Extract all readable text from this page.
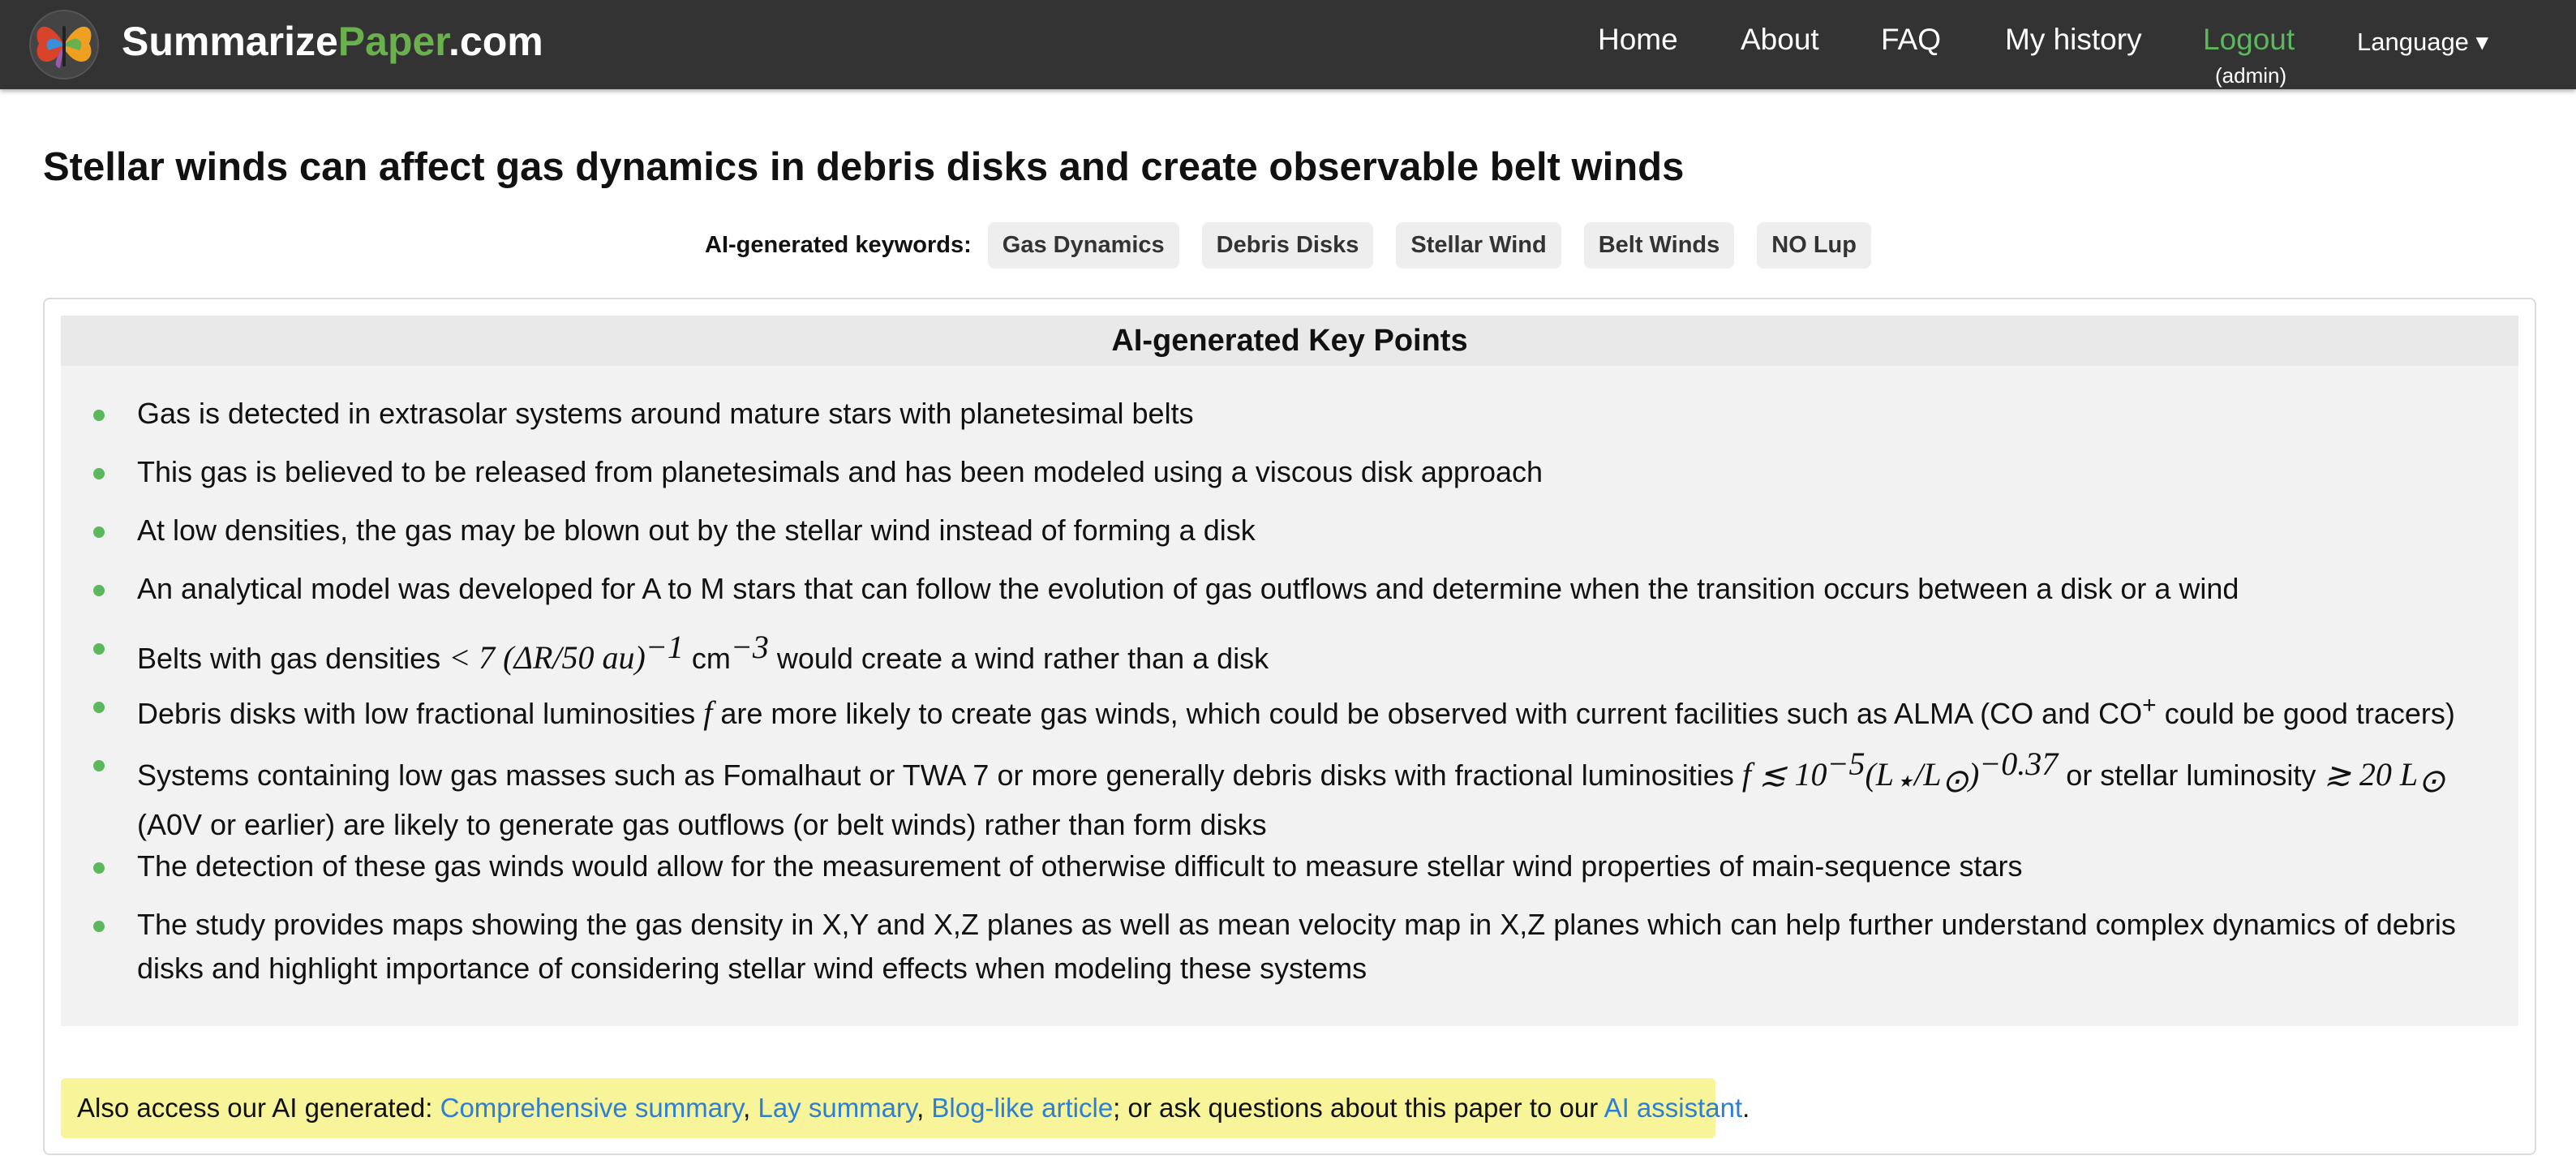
SummarizePaper.com	Home About FAQ My history Logout
(admin)
Language ▾
Stellar winds can affect gas dynamics in debris disks and create observable belt winds
AI-generated keywords:	Gas Dynamics	Debris Disks	Stellar Wind	Belt Winds	NO Lup
AI-generated Key Points
Gas is detected in extrasolar systems around mature stars with planetesimal belts
This gas is believed to be released from planetesimals and has been modeled using a viscous disk approach
At low densities, the gas may be blown out by the stellar wind instead of forming a disk
An analytical model was developed for A to M stars that can follow the evolution of gas outflows and determine when the transition occurs between a disk or a wind
Belts with gas densities < 7 (ΔR/50 au)$^{-1}$ $cm^{-3}$ would create a wind rather than a disk
Debris disks with low fractional luminosities f are more likely to create gas winds, which could be observed with current facilities such as ALMA (CO and CO+ could be good tracers)
Systems containing low gas masses such as Fomalhaut or TWA 7 or more generally debris disks with fractional luminosities f ≲ $10^{-5}(L_⋆/L_⊙)^{-0.37}$ or stellar luminosity ≳ 20 $L_⊙$ (A0V or earlier) are likely to generate gas outflows (or belt winds) rather than form disks
The detection of these gas winds would allow for the measurement of otherwise difficult to measure stellar wind properties of main-sequence stars
The study provides maps showing the gas density in X,Y and X,Z planes as well as mean velocity map in X,Z planes which can help further understand complex dynamics of debris disks and highlight importance of considering stellar wind effects when modeling these systems
Also access our AI generated: Comprehensive summary, Lay summary, Blog-like article; or ask questions about this paper to our AI assistant.
